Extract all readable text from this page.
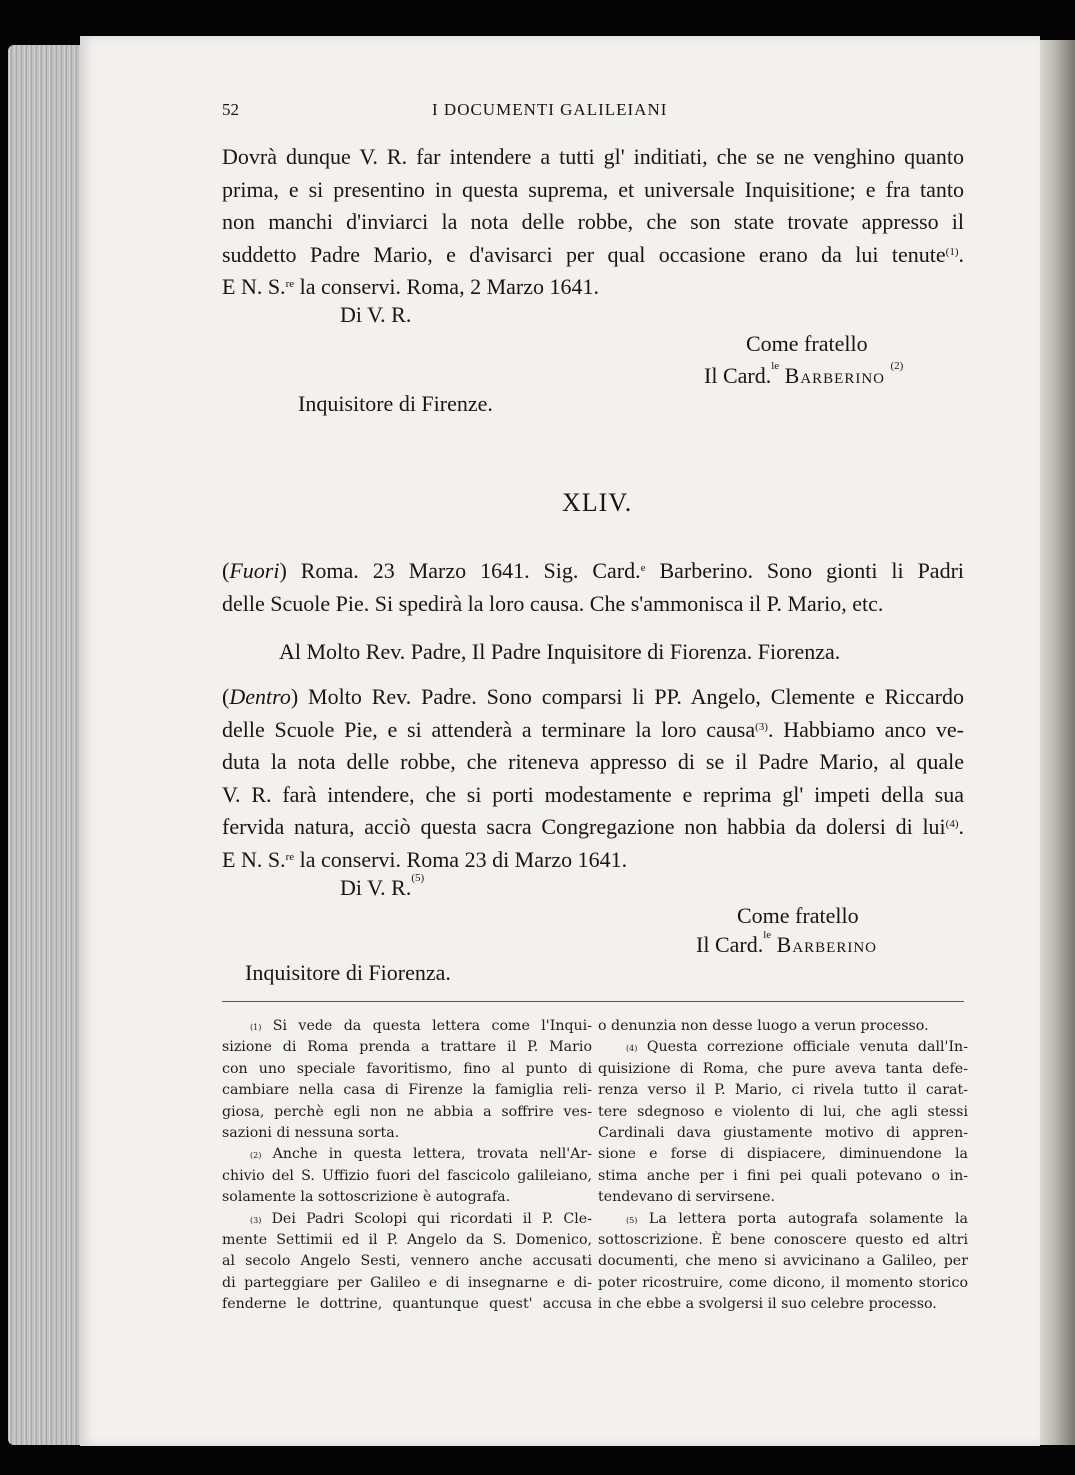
52	I DOCUMENTI GALILEIANI
Dovrà dunque V. R. far intendere a tutti gl' inditiati, che se ne venghino quanto
prima, e si presentino in questa suprema, et universale Inquisitione; e fra tanto
non manchi d'inviarci la nota delle robbe, che son state trovate appresso il
suddetto Padre Mario, e d'avisarci per qual occasione erano da lui tenute$^{(1)}$.
E N. S.$^{re}$ la conservi. Roma, 2 Marzo 1641.
Di V. R.
Come fratello
Il Card.$^{le}$ Barberino $^{(2)}$
Inquisitore di Firenze.
XLIV.
(Fuori) Roma. 23 Marzo 1641. Sig. Card.$^e$ Barberino. Sono gionti li Padri
delle Scuole Pie. Si spedirà la loro causa. Che s'ammonisca il P. Mario, etc.
Al Molto Rev. Padre, Il Padre Inquisitore di Fiorenza. Fiorenza.
(Dentro) Molto Rev. Padre. Sono comparsi li PP. Angelo, Clemente e Riccardo
delle Scuole Pie, e si attenderà a terminare la loro causa$^{(3)}$. Habbiamo anco ve-
duta la nota delle robbe, che riteneva appresso di se il Padre Mario, al quale
V. R. farà intendere, che si porti modestamente e reprima gl' impeti della sua
fervida natura, acciò questa sacra Congregazione non habbia da dolersi di lui$^{(4)}$.
E N. S.$^{re}$ la conservi. Roma 23 di Marzo 1641.
Di V. R.$^{(5)}$
Come fratello
Il Card.$^{le}$ Barberino
Inquisitore di Fiorenza.
$^{(1)}$ Si vede da questa lettera come l'Inqui-
sizione di Roma prenda a trattare il P. Mario
con uno speciale favoritismo, fino al punto di
cambiare nella casa di Firenze la famiglia reli-
giosa, perchè egli non ne abbia a soffrire ves-
sazioni di nessuna sorta.
$^{(2)}$ Anche in questa lettera, trovata nell'Ar-
chivio del S. Uffizio fuori del fascicolo galileiano,
solamente la sottoscrizione è autografa.
$^{(3)}$ Dei Padri Scolopi qui ricordati il P. Cle-
mente Settimii ed il P. Angelo da S. Domenico,
al secolo Angelo Sesti, vennero anche accusati
di parteggiare per Galileo e di insegnarne e di-
fenderne le dottrine, quantunque quest' accusa
o denunzia non desse luogo a verun processo.
$^{(4)}$ Questa correzione officiale venuta dall'In-
quisizione di Roma, che pure aveva tanta defe-
renza verso il P. Mario, ci rivela tutto il carat-
tere sdegnoso e violento di lui, che agli stessi
Cardinali dava giustamente motivo di appren-
sione e forse di dispiacere, diminuendone la
stima anche per i fini pei quali potevano o in-
tendevano di servirsene.
$^{(5)}$ La lettera porta autografa solamente la
sottoscrizione. È bene conoscere questo ed altri
documenti, che meno si avvicinano a Galileo, per
poter ricostruire, come dicono, il momento storico
in che ebbe a svolgersi il suo celebre processo.
